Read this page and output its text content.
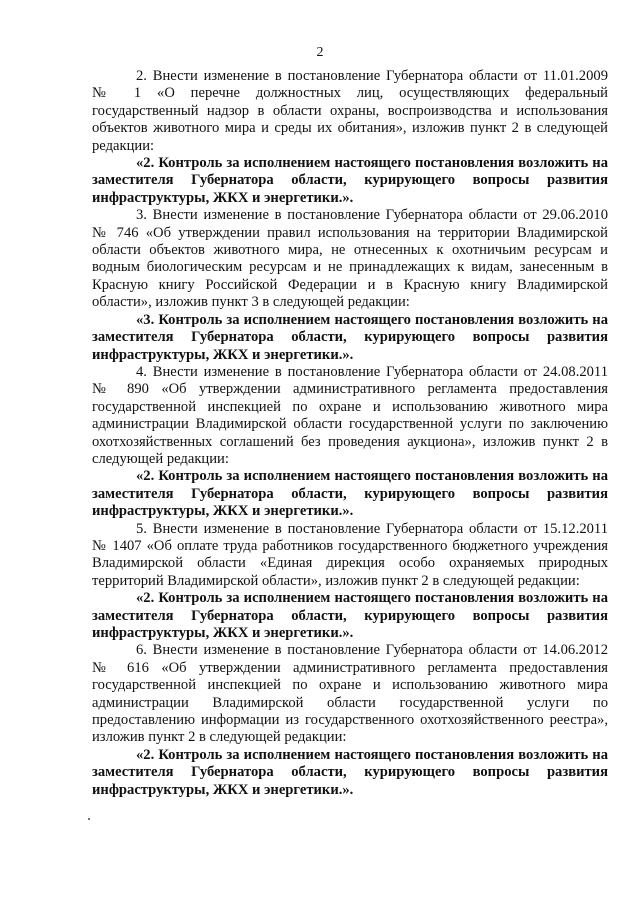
2

2. Внести изменение в постановление Губернатора области от 11.01.2009 № 1 «О перечне должностных лиц, осуществляющих федеральный государственный надзор в области охраны, воспроизводства и использования объектов животного мира и среды их обитания», изложив пункт 2 в следующей редакции:

«2. Контроль за исполнением настоящего постановления возложить на заместителя Губернатора области, курирующего вопросы развития инфраструктуры, ЖКХ и энергетики.».

3. Внести изменение в постановление Губернатора области от 29.06.2010 № 746 «Об утверждении правил использования на территории Владимирской области объектов животного мира, не отнесенных к охотничьим ресурсам и водным биологическим ресурсам и не принадлежащих к видам, занесенным в Красную книгу Российской Федерации и в Красную книгу Владимирской области», изложив пункт 3 в следующей редакции:

«3. Контроль за исполнением настоящего постановления возложить на заместителя Губернатора области, курирующего вопросы развития инфраструктуры, ЖКХ и энергетики.».

4. Внести изменение в постановление Губернатора области от 24.08.2011 № 890 «Об утверждении административного регламента предоставления государственной инспекцией по охране и использованию животного мира администрации Владимирской области государственной услуги по заключению охотхозяйственных соглашений без проведения аукциона», изложив пункт 2 в следующей редакции:

«2. Контроль за исполнением настоящего постановления возложить на заместителя Губернатора области, курирующего вопросы развития инфраструктуры, ЖКХ и энергетики.».

5. Внести изменение в постановление Губернатора области от 15.12.2011 № 1407 «Об оплате труда работников государственного бюджетного учреждения Владимирской области «Единая дирекция особо охраняемых природных территорий Владимирской области», изложив пункт 2 в следующей редакции:

«2. Контроль за исполнением настоящего постановления возложить на заместителя Губернатора области, курирующего вопросы развития инфраструктуры, ЖКХ и энергетики.».

6. Внести изменение в постановление Губернатора области от 14.06.2012 № 616 «Об утверждении административного регламента предоставления государственной инспекцией по охране и использованию животного мира администрации Владимирской области государственной услуги по предоставлению информации из государственного охотхозяйственного реестра», изложив пункт 2 в следующей редакции:

«2. Контроль за исполнением настоящего постановления возложить на заместителя Губернатора области, курирующего вопросы развития инфраструктуры, ЖКХ и энергетики.».
